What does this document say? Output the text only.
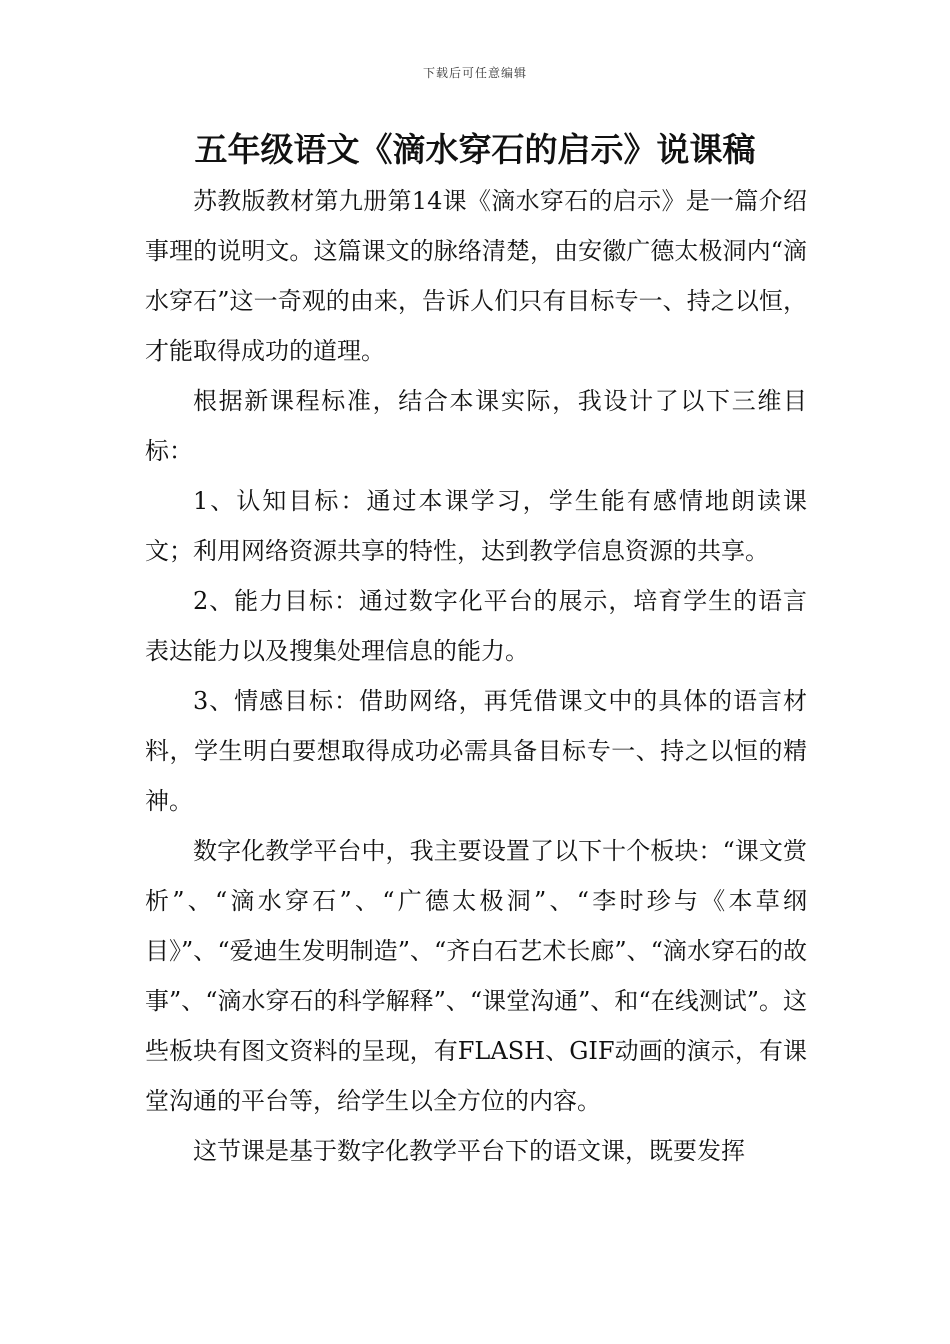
下载后可任意编辑
五年级语文《滴水穿石的启示》说课稿

苏教版教材第九册第14课《滴水穿石的启示》是一篇介绍事理的说明文。这篇课文的脉络清楚，由安徽广德太极洞内“滴水穿石”这一奇观的由来，告诉人们只有目标专一、持之以恒，才能取得成功的道理。

根据新课程标准，结合本课实际，我设计了以下三维目标：

1、认知目标：通过本课学习，学生能有感情地朗读课文；利用网络资源共享的特性，达到教学信息资源的共享。

2、能力目标：通过数字化平台的展示，培育学生的语言表达能力以及搜集处理信息的能力。

3、情感目标：借助网络，再凭借课文中的具体的语言材料，学生明白要想取得成功必需具备目标专一、持之以恒的精神。

数字化教学平台中，我主要设置了以下十个板块：“课文赏析”、“滴水穿石”、“广德太极洞”、“李时珍与《本草纲目》”、“爱迪生发明制造”、“齐白石艺术长廊”、“滴水穿石的故事”、“滴水穿石的科学解释”、“课堂沟通”、和“在线测试”。这些板块有图文资料的呈现，有FLASH、GIF动画的演示，有课堂沟通的平台等，给学生以全方位的内容。

这节课是基于数字化教学平台下的语文课，既要发挥
